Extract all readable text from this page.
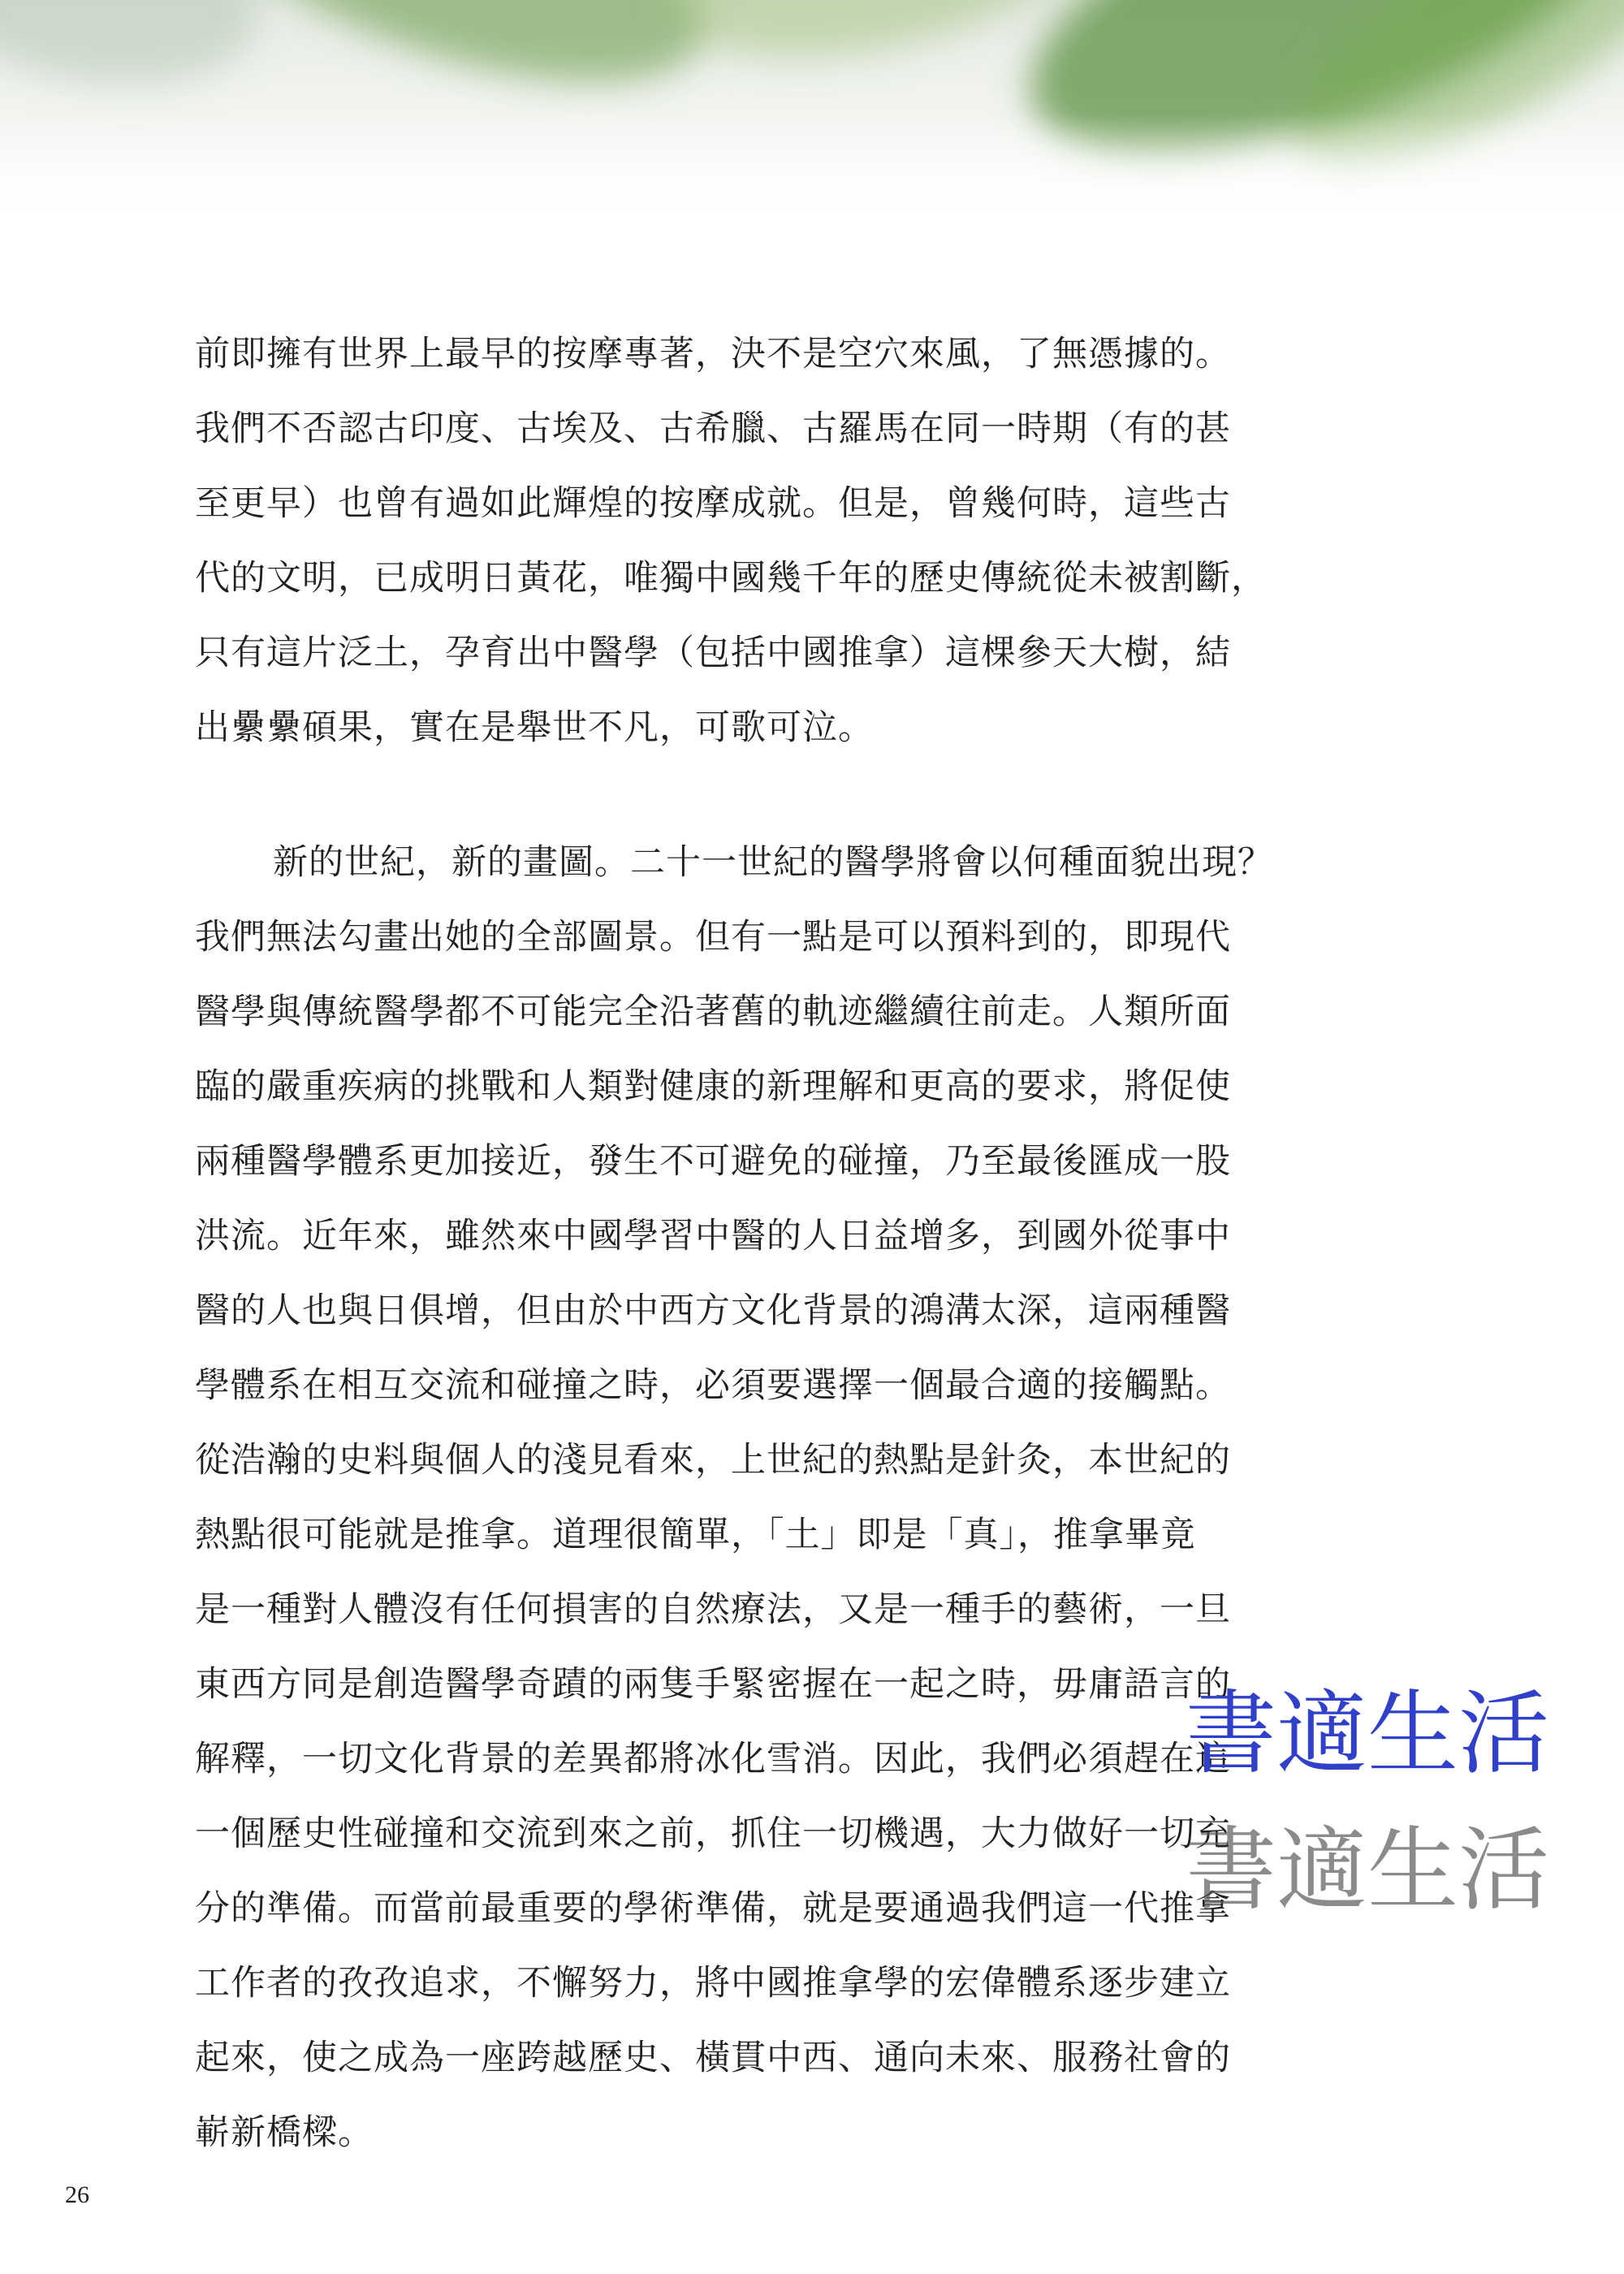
前即擁有世界上最早的按摩專著，決不是空穴來風，了無憑據的。
我們不否認古印度、古埃及、古希臘、古羅馬在同一時期（有的甚
至更早）也曾有過如此輝煌的按摩成就。但是，曾幾何時，這些古
代的文明，已成明日黃花，唯獨中國幾千年的歷史傳統從未被割斷，
只有這片泛土，孕育出中醫學（包括中國推拿）這棵參天大樹，結
出纍纍碩果，實在是舉世不凡，可歌可泣。
新的世紀，新的畫圖。二十一世紀的醫學將會以何種面貌出現？
我們無法勾畫出她的全部圖景。但有一點是可以預料到的，即現代
醫學與傳統醫學都不可能完全沿著舊的軌迹繼續往前走。人類所面
臨的嚴重疾病的挑戰和人類對健康的新理解和更高的要求，將促使
兩種醫學體系更加接近，發生不可避免的碰撞，乃至最後匯成一股
洪流。近年來，雖然來中國學習中醫的人日益增多，到國外從事中
醫的人也與日俱增，但由於中西方文化背景的鴻溝太深，這兩種醫
學體系在相互交流和碰撞之時，必須要選擇一個最合適的接觸點。
從浩瀚的史料與個人的淺見看來，上世紀的熱點是針灸，本世紀的
熱點很可能就是推拿。道理很簡單，「土」即是「真」，推拿畢竟
是一種對人體沒有任何損害的自然療法，又是一種手的藝術，一旦
東西方同是創造醫學奇蹟的兩隻手緊密握在一起之時，毋庸語言的
解釋，一切文化背景的差異都將冰化雪消。因此，我們必須趕在這
一個歷史性碰撞和交流到來之前，抓住一切機遇，大力做好一切充
分的準備。而當前最重要的學術準備，就是要通過我們這一代推拿
工作者的孜孜追求，不懈努力，將中國推拿學的宏偉體系逐步建立
起來，使之成為一座跨越歷史、橫貫中西、通向未來、服務社會的
嶄新橋樑。
書適生活
書適生活
26
